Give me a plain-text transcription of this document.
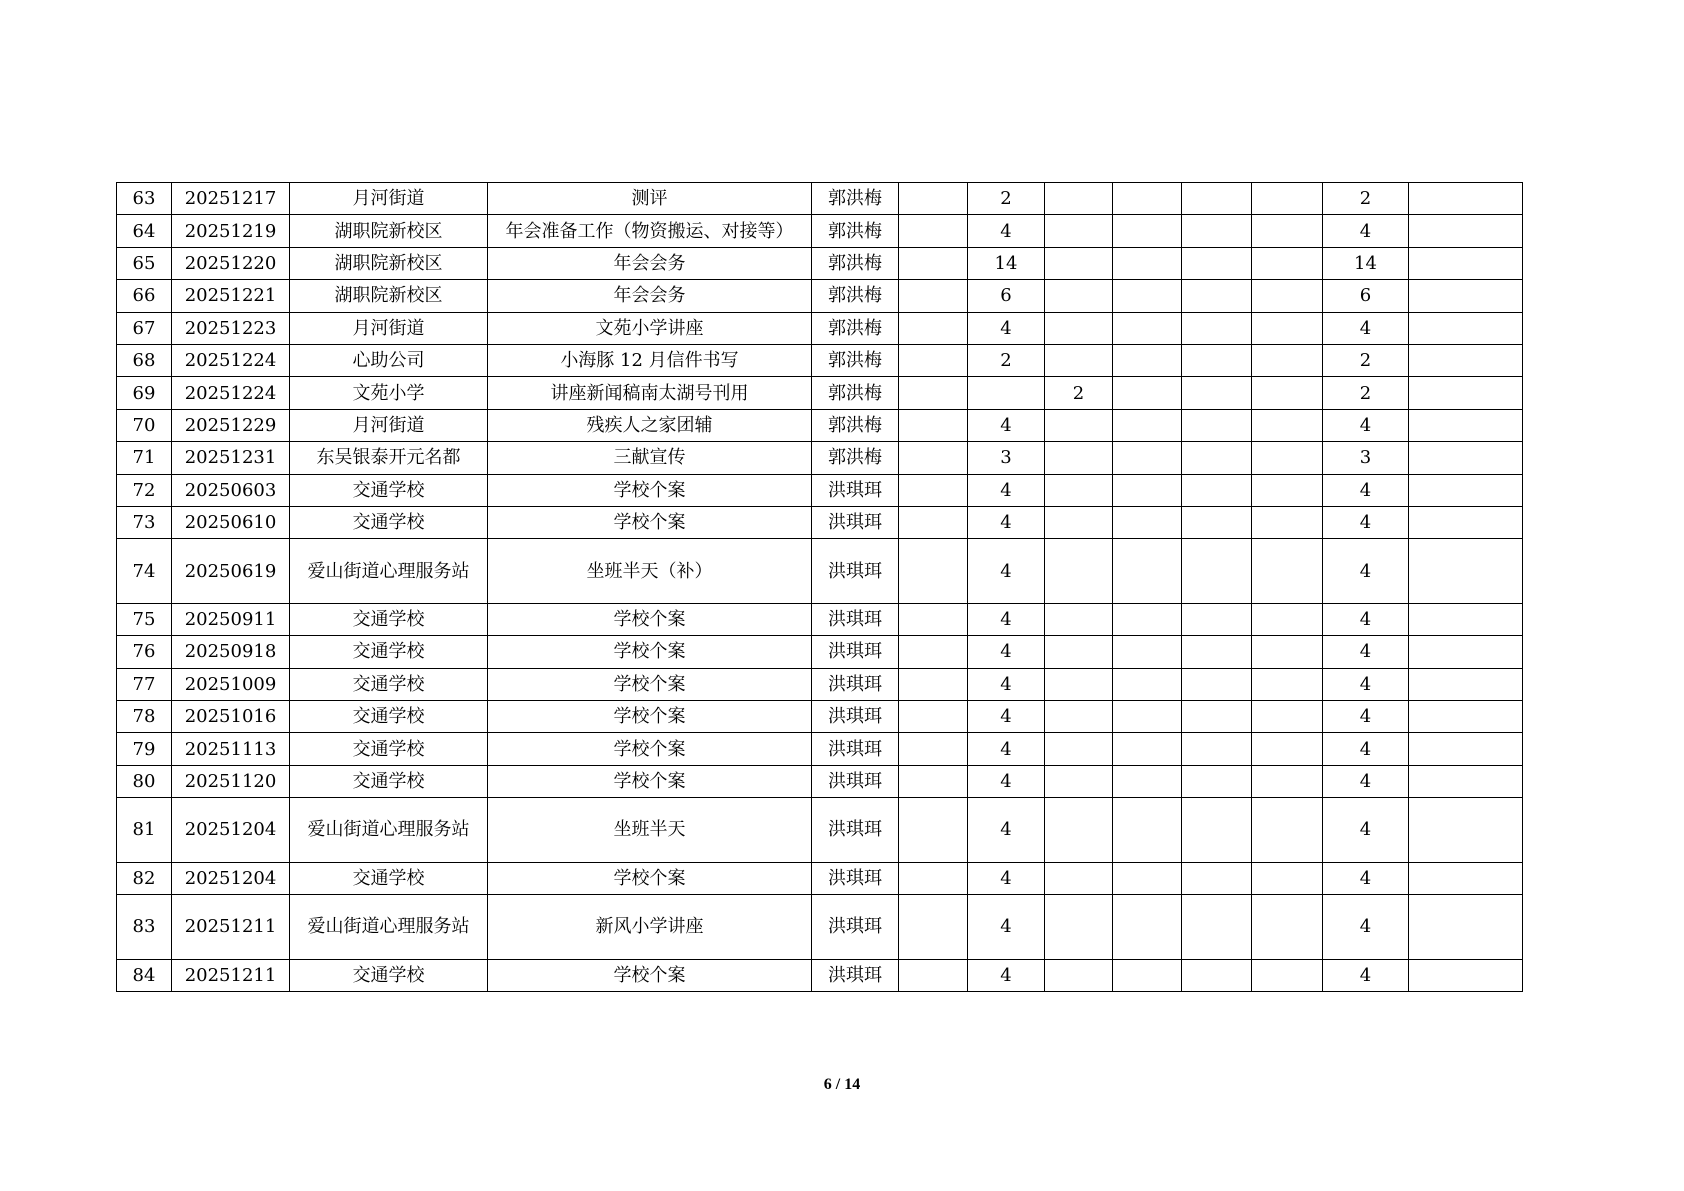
63	20251217	月河街道	测评	郭洪梅		2					2	
64	20251219	湖职院新校区	年会准备工作（物资搬运、对接等）	郭洪梅		4					4	
65	20251220	湖职院新校区	年会会务	郭洪梅		14					14	
66	20251221	湖职院新校区	年会会务	郭洪梅		6					6	
67	20251223	月河街道	文苑小学讲座	郭洪梅		4					4	
68	20251224	心助公司	小海豚 12 月信件书写	郭洪梅		2					2	
69	20251224	文苑小学	讲座新闻稿南太湖号刊用	郭洪梅			2				2	
70	20251229	月河街道	残疾人之家团辅	郭洪梅		4					4	
71	20251231	东吴银泰开元名都	三献宣传	郭洪梅		3					3	
72	20250603	交通学校	学校个案	洪琪珥		4					4	
73	20250610	交通学校	学校个案	洪琪珥		4					4	
74	20250619	爱山街道心理服务站	坐班半天（补）	洪琪珥		4					4	
75	20250911	交通学校	学校个案	洪琪珥		4					4	
76	20250918	交通学校	学校个案	洪琪珥		4					4	
77	20251009	交通学校	学校个案	洪琪珥		4					4	
78	20251016	交通学校	学校个案	洪琪珥		4					4	
79	20251113	交通学校	学校个案	洪琪珥		4					4	
80	20251120	交通学校	学校个案	洪琪珥		4					4	
81	20251204	爱山街道心理服务站	坐班半天	洪琪珥		4					4	
82	20251204	交通学校	学校个案	洪琪珥		4					4	
83	20251211	爱山街道心理服务站	新风小学讲座	洪琪珥		4					4	
84	20251211	交通学校	学校个案	洪琪珥		4					4	
6 / 14
